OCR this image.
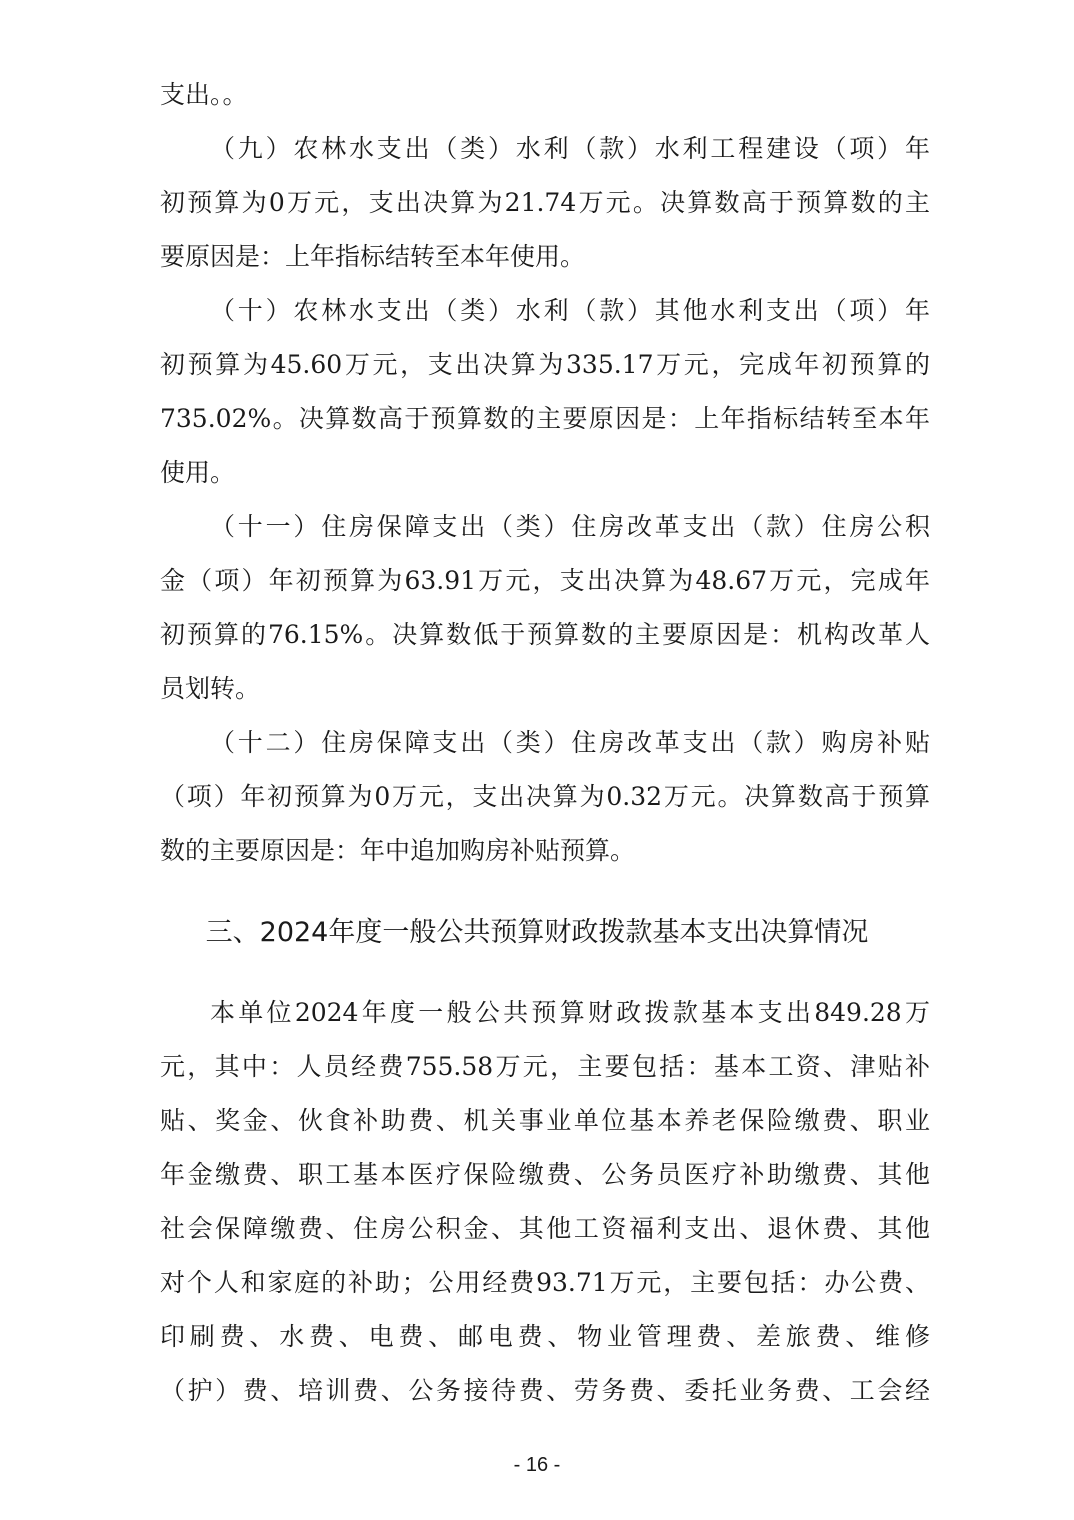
支出。。
（九）农林水支出（类）水利（款）水利工程建设（项）年
初预算为0万元，支出决算为21.74万元。决算数高于预算数的主
要原因是：上年指标结转至本年使用。
（十）农林水支出（类）水利（款）其他水利支出（项）年
初预算为45.60万元，支出决算为335.17万元，完成年初预算的
735.02%。决算数高于预算数的主要原因是：上年指标结转至本年
使用。
（十一）住房保障支出（类）住房改革支出（款）住房公积
金（项）年初预算为63.91万元，支出决算为48.67万元，完成年
初预算的76.15%。决算数低于预算数的主要原因是：机构改革人
员划转。
（十二）住房保障支出（类）住房改革支出（款）购房补贴
（项）年初预算为0万元，支出决算为0.32万元。决算数高于预算
数的主要原因是：年中追加购房补贴预算。
三、2024年度一般公共预算财政拨款基本支出决算情况
本单位2024年度一般公共预算财政拨款基本支出849.28万
元，其中：人员经费755.58万元，主要包括：基本工资、津贴补
贴、奖金、伙食补助费、机关事业单位基本养老保险缴费、职业
年金缴费、职工基本医疗保险缴费、公务员医疗补助缴费、其他
社会保障缴费、住房公积金、其他工资福利支出、退休费、其他
对个人和家庭的补助；公用经费93.71万元，主要包括：办公费、
印刷费、水费、电费、邮电费、物业管理费、差旅费、维修
（护）费、培训费、公务接待费、劳务费、委托业务费、工会经
- 16 -
